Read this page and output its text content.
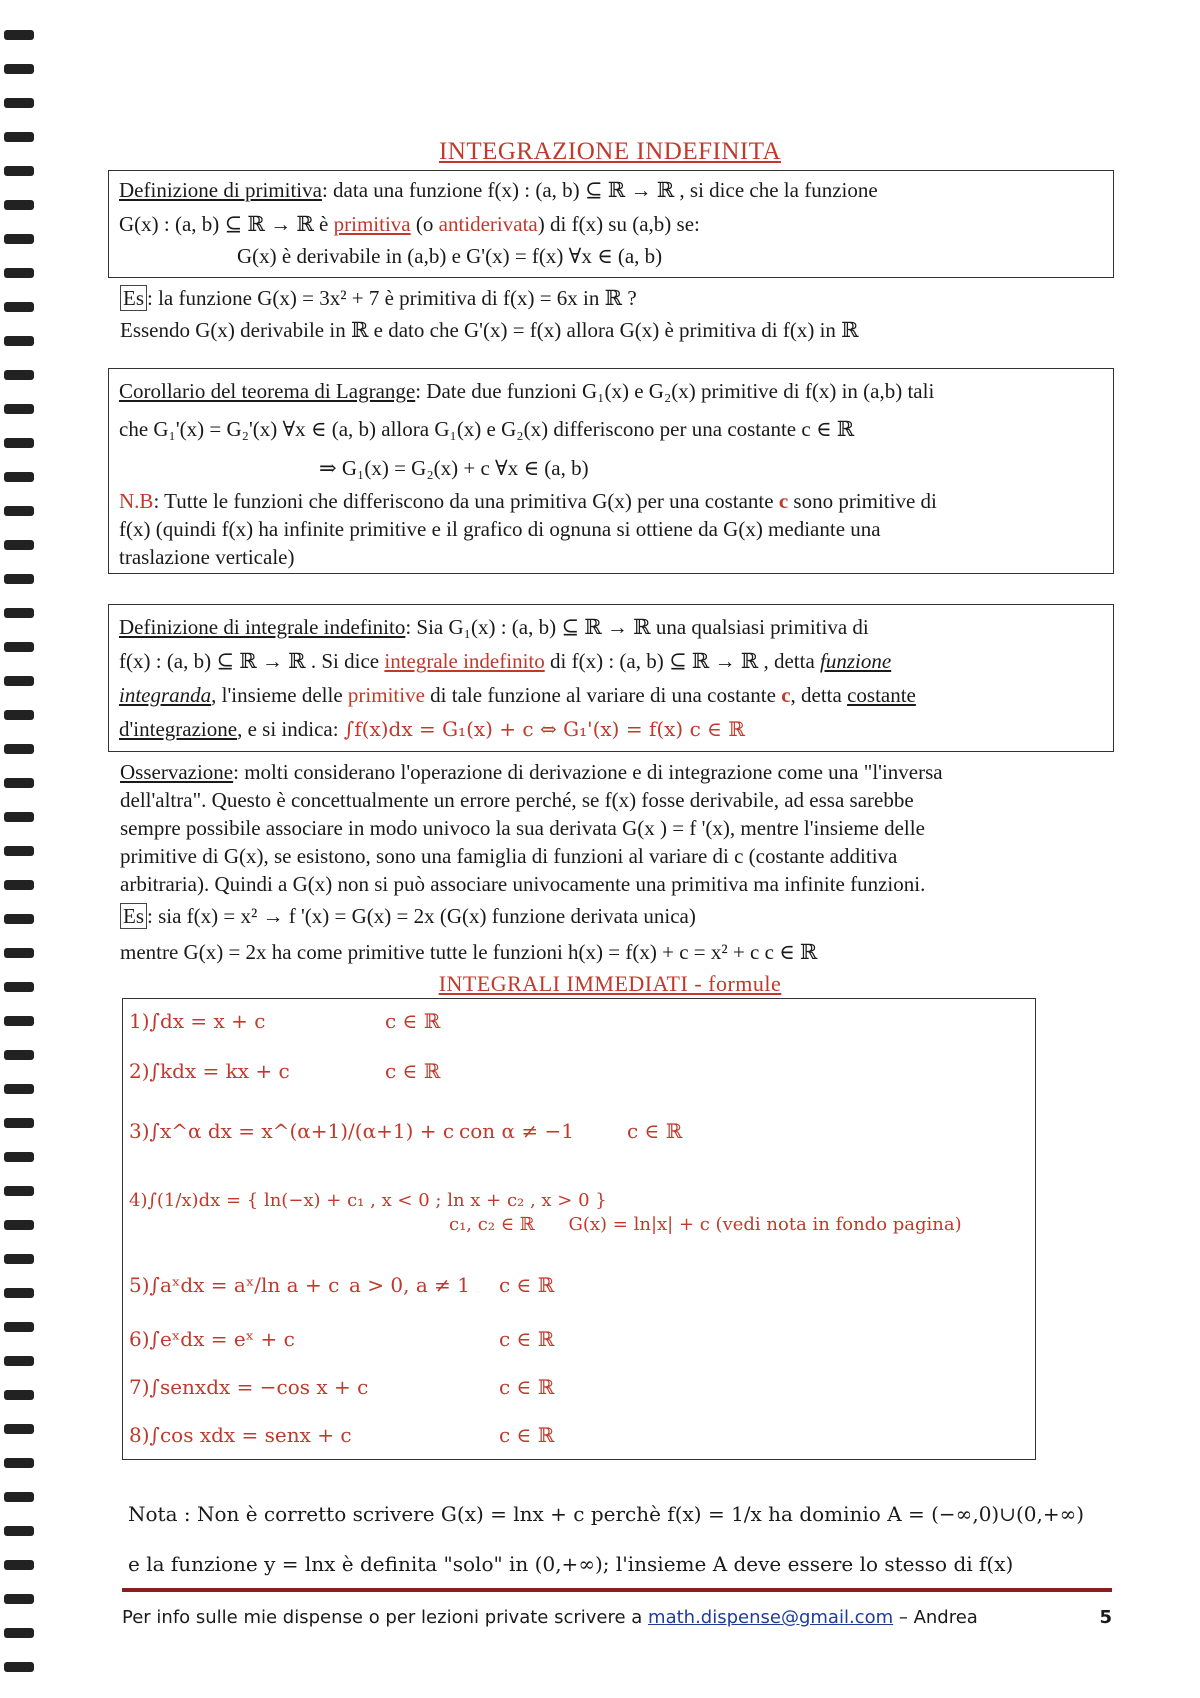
INTEGRAZIONE INDEFINITA
Definizione di primitiva: data una funzione f(x) : (a, b) ⊆ ℝ → ℝ , si dice che la funzione
G(x) : (a, b) ⊆ ℝ → ℝ è primitiva (o antiderivata) di f(x) su (a,b) se:
G(x) è derivabile in (a,b) e G'(x) = f(x) ∀x ∈ (a, b)
Es : la funzione G(x) = 3x² + 7 è primitiva di f(x) = 6x in ℝ ?
Essendo G(x) derivabile in ℝ e dato che G'(x) = f(x) allora G(x) è primitiva di f(x) in ℝ
Corollario del teorema di Lagrange: Date due funzioni G₁(x) e G₂(x) primitive di f(x) in (a,b) tali
che G₁'(x) = G₂'(x) ∀x ∈ (a, b) allora G₁(x) e G₂(x) differiscono per una costante c ∈ ℝ
⇒ G₁(x) = G₂(x) + c ∀x ∈ (a, b)
N.B: Tutte le funzioni che differiscono da una primitiva G(x) per una costante c sono primitive di
f(x) (quindi f(x) ha infinite primitive e il grafico di ognuna si ottiene da G(x) mediante una
traslazione verticale)
Definizione di integrale indefinito: Sia G₁(x) : (a, b) ⊆ ℝ → ℝ una qualsiasi primitiva di
f(x) : (a, b) ⊆ ℝ → ℝ . Si dice integrale indefinito di f(x) : (a, b) ⊆ ℝ → ℝ , detta funzione
integranda, l'insieme delle primitive di tale funzione al variare di una costante c, detta costante
d'integrazione, e si indica: ∫f(x)dx = G₁(x) + c ⇔ G₁'(x) = f(x) c ∈ ℝ
Osservazione: molti considerano l'operazione di derivazione e di integrazione come una "l'inversa
dell'altra". Questo è concettualmente un errore perché, se f(x) fosse derivabile, ad essa sarebbe
sempre possibile associare in modo univoco la sua derivata G(x ) = f '(x), mentre l'insieme delle
primitive di G(x), se esistono, sono una famiglia di funzioni al variare di c (costante additiva
arbitraria). Quindi a G(x) non si può associare univocamente una primitiva ma infinite funzioni.
Es : sia f(x) = x² → f '(x) = G(x) = 2x (G(x) funzione derivata unica)
mentre G(x) = 2x ha come primitive tutte le funzioni h(x) = f(x) + c = x² + c c ∈ ℝ
INTEGRALI IMMEDIATI - formule
1)∫dx = x + c	c ∈ ℝ
2)∫kdx = kx + c	c ∈ ℝ
3)∫x^α dx = x^(α+1)/(α+1) + c con α ≠ −1	c ∈ ℝ
4)∫(1/x)dx = { ln(−x) + c₁ , x < 0 ; ln x + c₂ , x > 0 }
c₁, c₂ ∈ ℝ G(x) = ln|x| + c (vedi nota in fondo pagina)
5)∫aˣdx = aˣ/ln a + c a > 0, a ≠ 1 c ∈ ℝ
6)∫eˣdx = eˣ + c	c ∈ ℝ
7)∫senxdx = −cos x + c	c ∈ ℝ
8)∫cos xdx = senx + c	c ∈ ℝ
Nota : Non è corretto scrivere G(x) = lnx + c perchè f(x) = 1/x ha dominio A = (−∞,0)∪(0,+∞)
e la funzione y = lnx è definita "solo" in (0,+∞); l'insieme A deve essere lo stesso di f(x)
Per info sulle mie dispense o per lezioni private scrivere a math.dispense@gmail.com – Andrea	5
